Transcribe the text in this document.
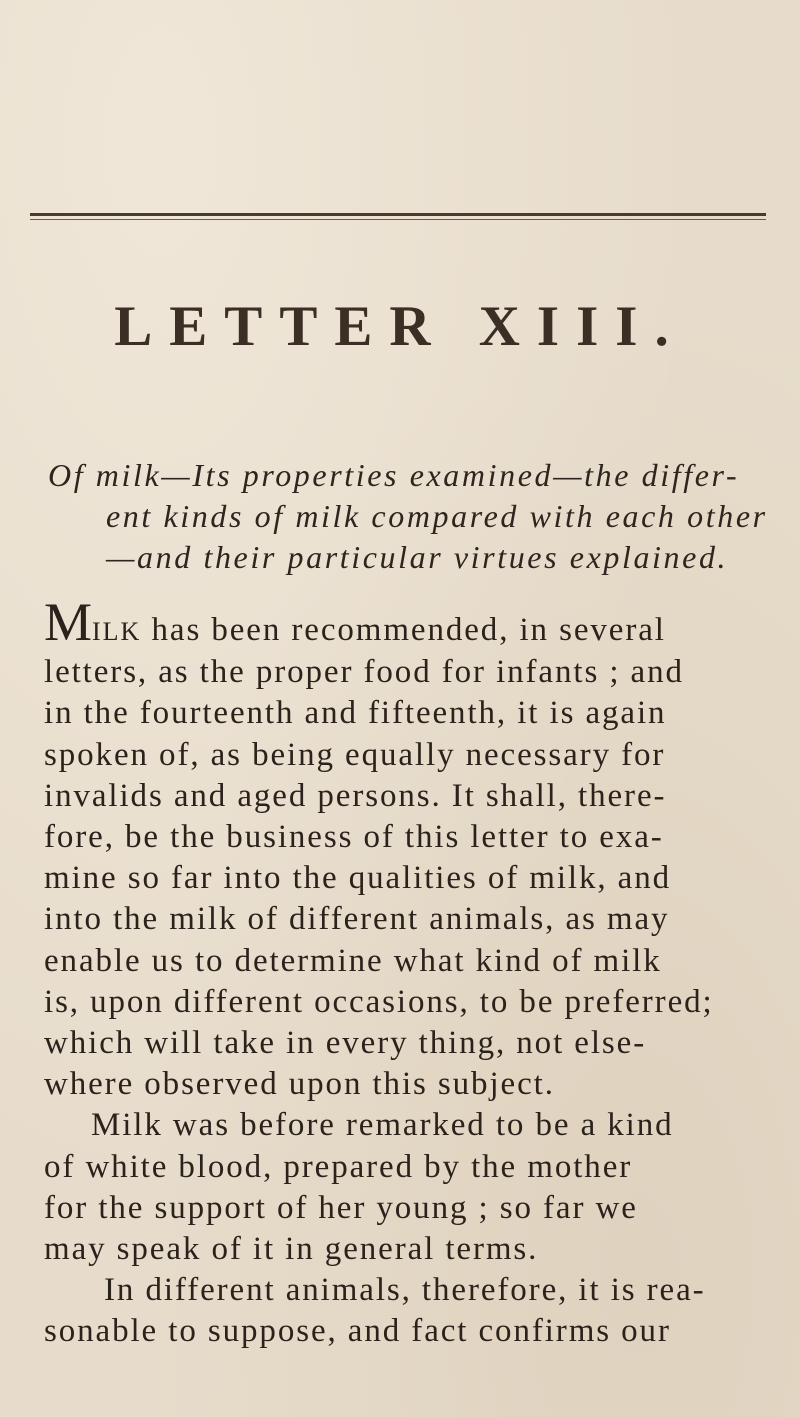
LETTER XIII.

Of milk—Its properties examined—the differ-
ent kinds of milk compared with each other
—and their particular virtues explained.

MILK has been recommended, in several
letters, as the proper food for infants ; and
in the fourteenth and fifteenth, it is again
spoken of, as being equally necessary for
invalids and aged persons. It shall, there-
fore, be the business of this letter to exa-
mine so far into the qualities of milk, and
into the milk of different animals, as may
enable us to determine what kind of milk
is, upon different occasions, to be preferred;
which will take in every thing, not else-
where observed upon this subject.
Milk was before remarked to be a kind
of white blood, prepared by the mother
for the support of her young ; so far we
may speak of it in general terms.
In different animals, therefore, it is rea-
sonable to suppose, and fact confirms our
